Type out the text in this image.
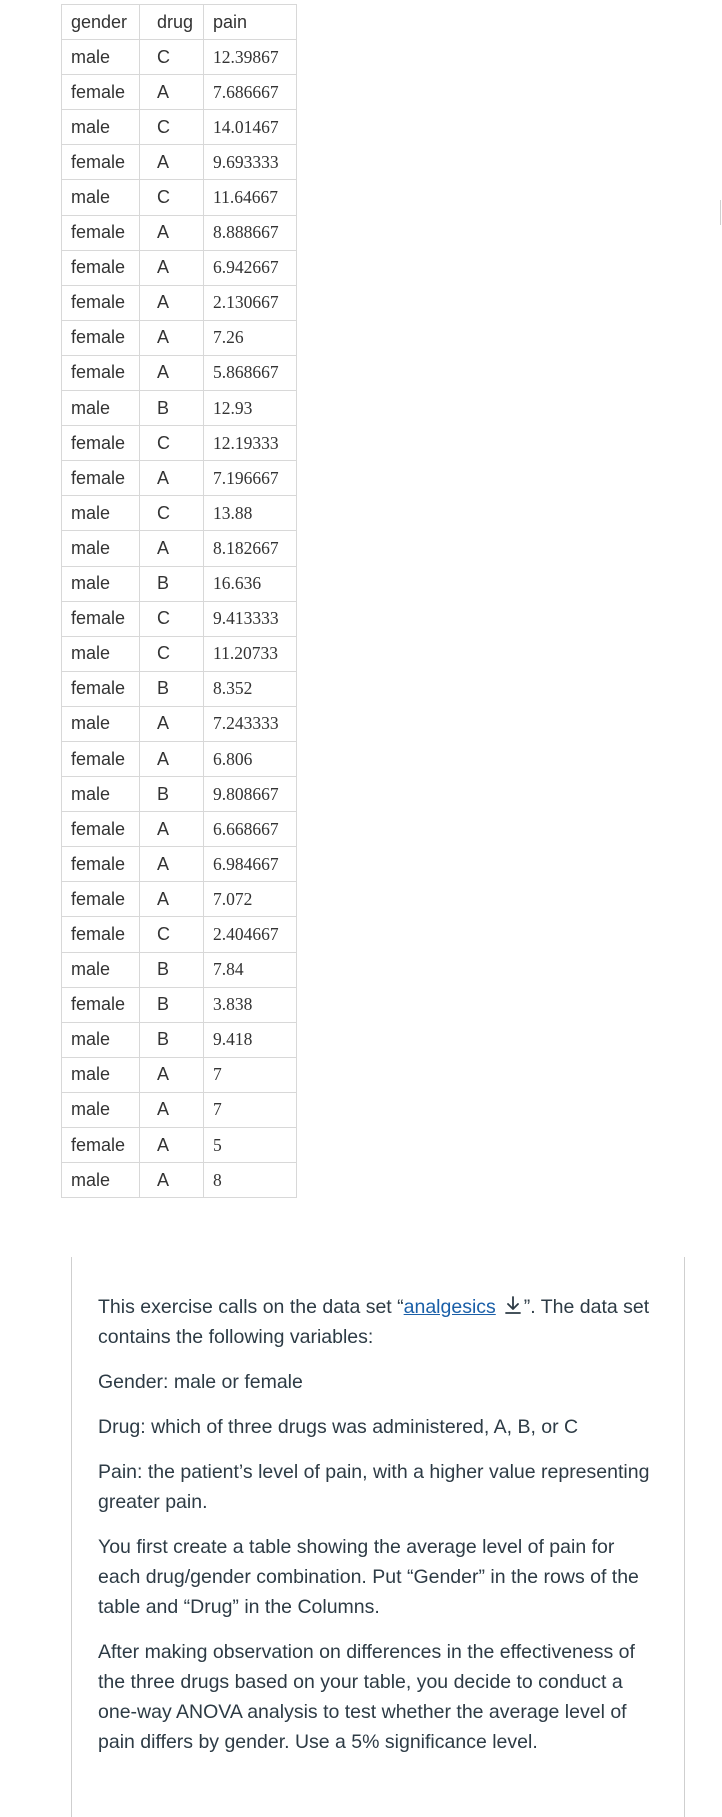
gender	drug	pain
male	C	12.39867
female	A	7.686667
male	C	14.01467
female	A	9.693333
male	C	11.64667
female	A	8.888667
female	A	6.942667
female	A	2.130667
female	A	7.26
female	A	5.868667
male	B	12.93
female	C	12.19333
female	A	7.196667
male	C	13.88
male	A	8.182667
male	B	16.636
female	C	9.413333
male	C	11.20733
female	B	8.352
male	A	7.243333
female	A	6.806
male	B	9.808667
female	A	6.668667
female	A	6.984667
female	A	7.072
female	C	2.404667
male	B	7.84
female	B	3.838
male	B	9.418
male	A	7
male	A	7
female	A	5
male	A	8

This exercise calls on the data set “analgesics ”. The data set contains the following variables:

Gender: male or female

Drug: which of three drugs was administered, A, B, or C

Pain: the patient’s level of pain, with a higher value representing greater pain.

You first create a table showing the average level of pain for each drug/gender combination. Put “Gender” in the rows of the table and “Drug” in the Columns.

After making observation on differences in the effectiveness of the three drugs based on your table, you decide to conduct a one-way ANOVA analysis to test whether the average level of pain differs by gender. Use a 5% significance level.
